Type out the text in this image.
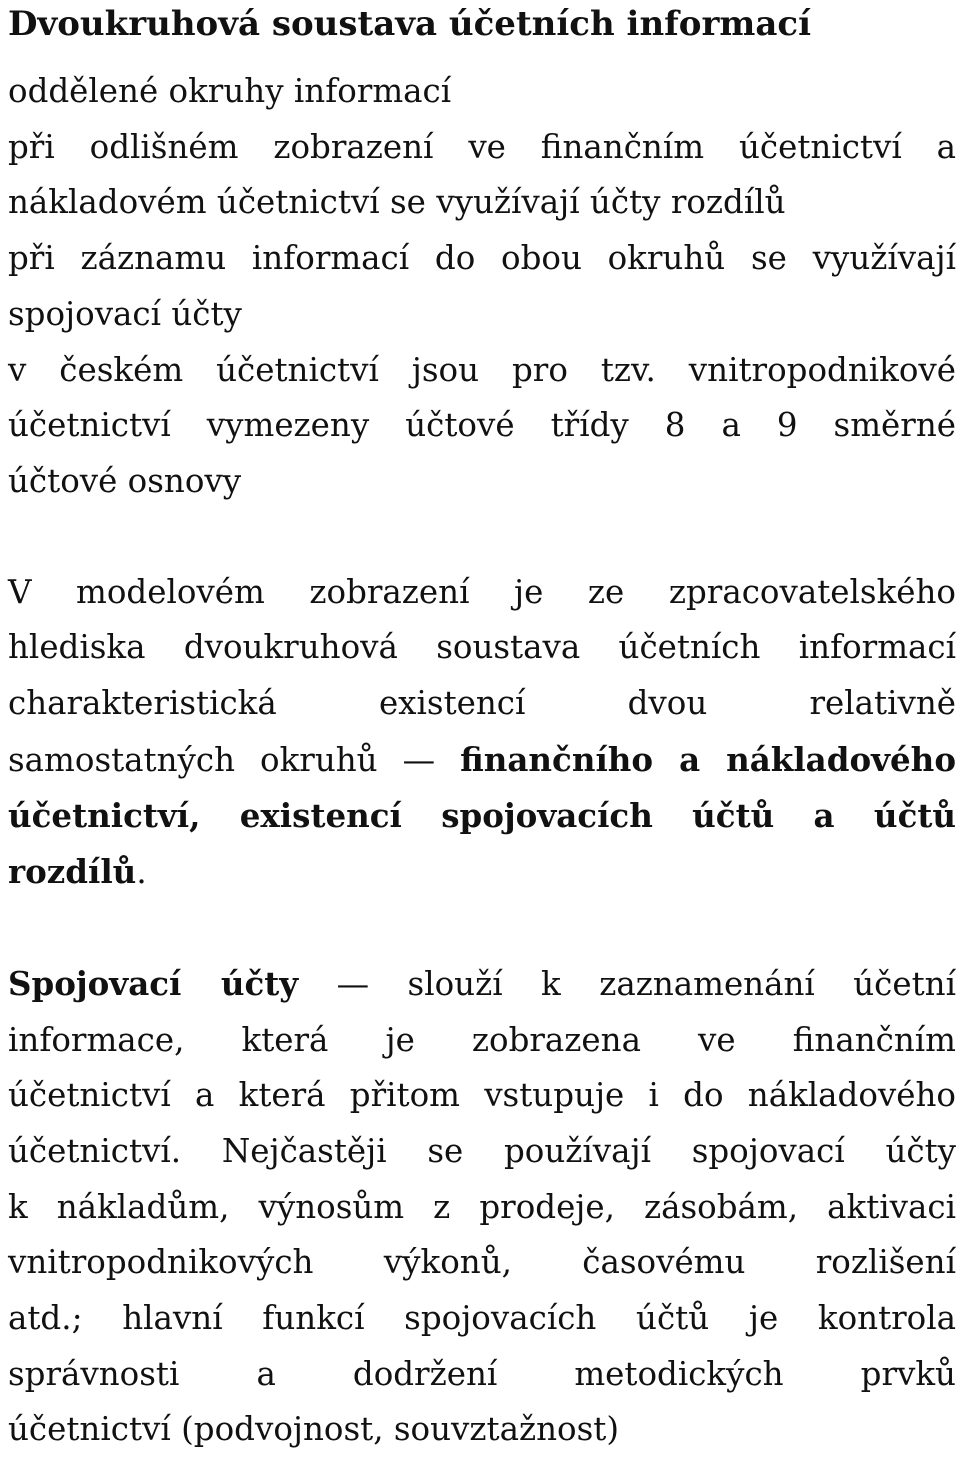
Dvoukruhová soustava účetních informací
oddělené okruhy informací
při odlišném zobrazení ve finančním účetnictví a
nákladovém účetnictví se využívají účty rozdílů
při záznamu informací do obou okruhů se využívají
spojovací účty
v českém účetnictví jsou pro tzv. vnitropodnikové
účetnictví vymezeny účtové třídy 8 a 9 směrné
účtové osnovy
V modelovém zobrazení je ze zpracovatelského
hlediska dvoukruhová soustava účetních informací
charakteristická existencí dvou relativně
samostatných okruhů — finančního a nákladového
účetnictví, existencí spojovacích účtů a účtů
rozdílů.
Spojovací účty — slouží k zaznamenání účetní
informace, která je zobrazena ve finančním
účetnictví a která přitom vstupuje i do nákladového
účetnictví. Nejčastěji se používají spojovací účty
k nákladům, výnosům z prodeje, zásobám, aktivaci
vnitropodnikových výkonů, časovému rozlišení
atd.; hlavní funkcí spojovacích účtů je kontrola
správnosti a dodržení metodických prvků
účetnictví (podvojnost, souvztažnost)
